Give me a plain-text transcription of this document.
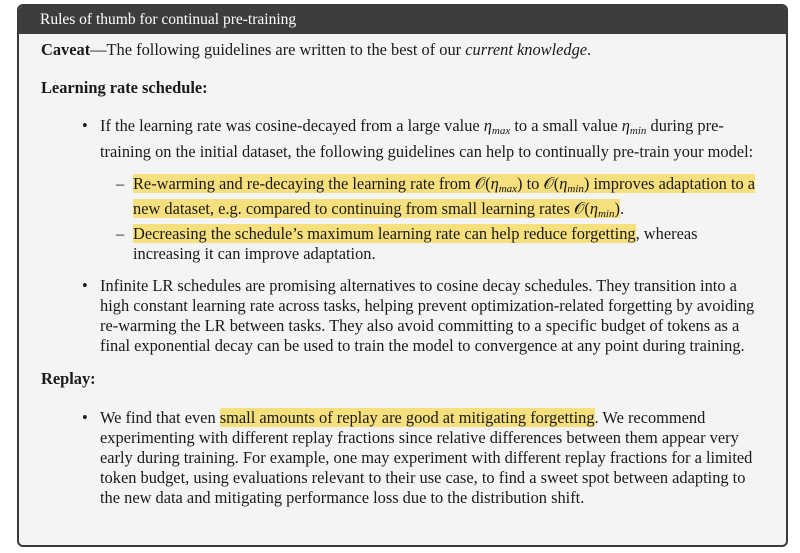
Rules of thumb for continual pre-training

Caveat—The following guidelines are written to the best of our current knowledge.

Learning rate schedule:
• If the learning rate was cosine-decayed from a large value $\eta_{max}$ to a small value $\eta_{min}$ during pre-training on the initial dataset, the following guidelines can help to continually pre-train your model:
– Re-warming and re-decaying the learning rate from $𝒪(\eta_{max})$ to $𝒪(\eta_{min})$ improves adaptation to a new dataset, e.g. compared to continuing from small learning rates $𝒪(\eta_{min})$.
– Decreasing the schedule’s maximum learning rate can help reduce forgetting, whereas increasing it can improve adaptation.
• Infinite LR schedules are promising alternatives to cosine decay schedules. They transition into a high constant learning rate across tasks, helping prevent optimization-related forgetting by avoiding re-warming the LR between tasks. They also avoid committing to a specific budget of tokens as a final exponential decay can be used to train the model to convergence at any point during training.
Replay:
• We find that even small amounts of replay are good at mitigating forgetting. We recommend experimenting with different replay fractions since relative differences between them appear very early during training. For example, one may experiment with different replay fractions for a limited token budget, using evaluations relevant to their use case, to find a sweet spot between adapting to the new data and mitigating performance loss due to the distribution shift.
